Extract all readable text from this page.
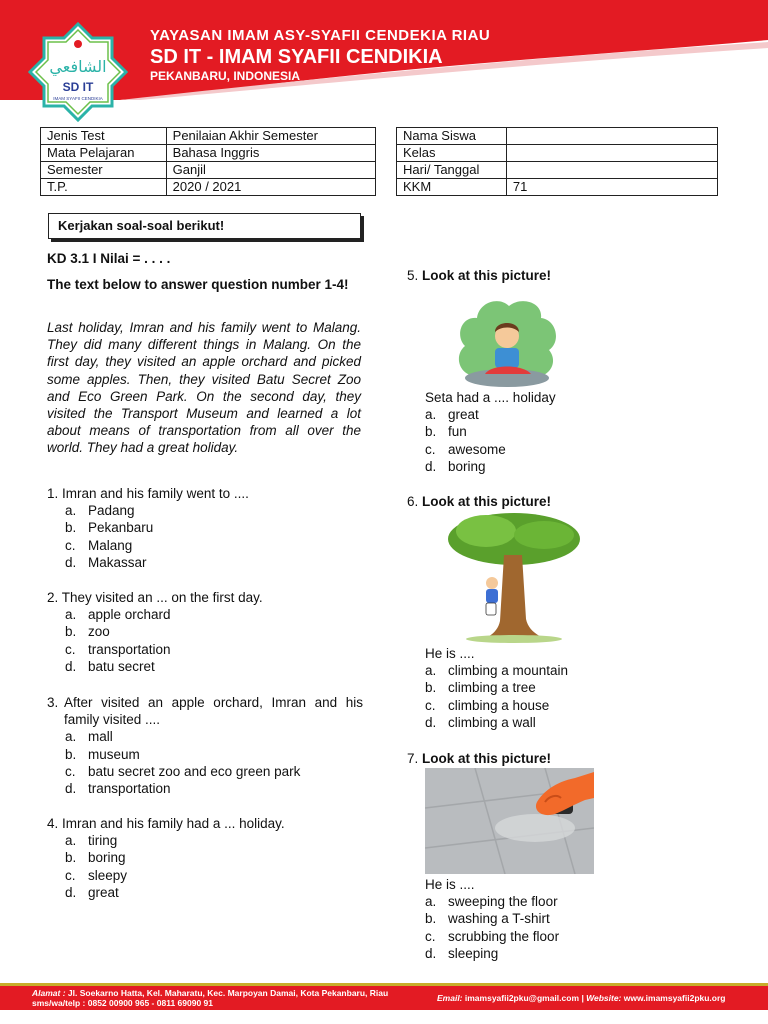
الشافعي
SD IT
IMAM SYAFII CENDIKIA
YAYASAN IMAM ASY-SYAFII CENDEKIA RIAU
SD IT - IMAM SYAFII CENDIKIA
PEKANBARU, INDONESIA
Jenis Test	Penilaian Akhir Semester
Mata Pelajaran	Bahasa Inggris
Semester	Ganjil
T.P.	2020 / 2021
Nama Siswa	
Kelas	
Hari/ Tanggal	
KKM	71
Kerjakan soal-soal berikut!
KD 3.1 I Nilai = . . . .
The text below to answer question number 1-4!
Last holiday, Imran and his family went to Malang. They did many different things in Malang. On the first day, they visited an apple orchard and picked some apples. Then, they visited Batu Secret Zoo and Eco Green Park. On the second day, they visited the Transport Museum and learned a lot about means of transportation from all over the world. They had a great holiday.
1. Imran and his family went to ....
a. Padang
b. Pekanbaru
c. Malang
d. Makassar
2. They visited an ... on the first day.
a. apple orchard
b. zoo
c. transportation
d. batu secret
3. After visited an apple orchard, Imran and his family visited ....
a. mall
b. museum
c. batu secret zoo and eco green park
d. transportation
4. Imran and his family had a ... holiday.
a. tiring
b. boring
c. sleepy
d. great
5. Look at this picture!
Seta had a .... holiday
a. great
b. fun
c. awesome
d. boring
6. Look at this picture!
He is ....
a. climbing a mountain
b. climbing a tree
c. climbing a house
d. climbing a wall
7. Look at this picture!
He is ....
a. sweeping the floor
b. washing a T-shirt
c. scrubbing the floor
d. sleeping
Alamat : Jl. Soekarno Hatta, Kel. Maharatu, Kec. Marpoyan Damai, Kota Pekanbaru, Riau
sms/wa/telp : 0852 00900 965 - 0811 69090 91	Email: imamsyafii2pku@gmail.com | Website: www.imamsyafii2pku.org
